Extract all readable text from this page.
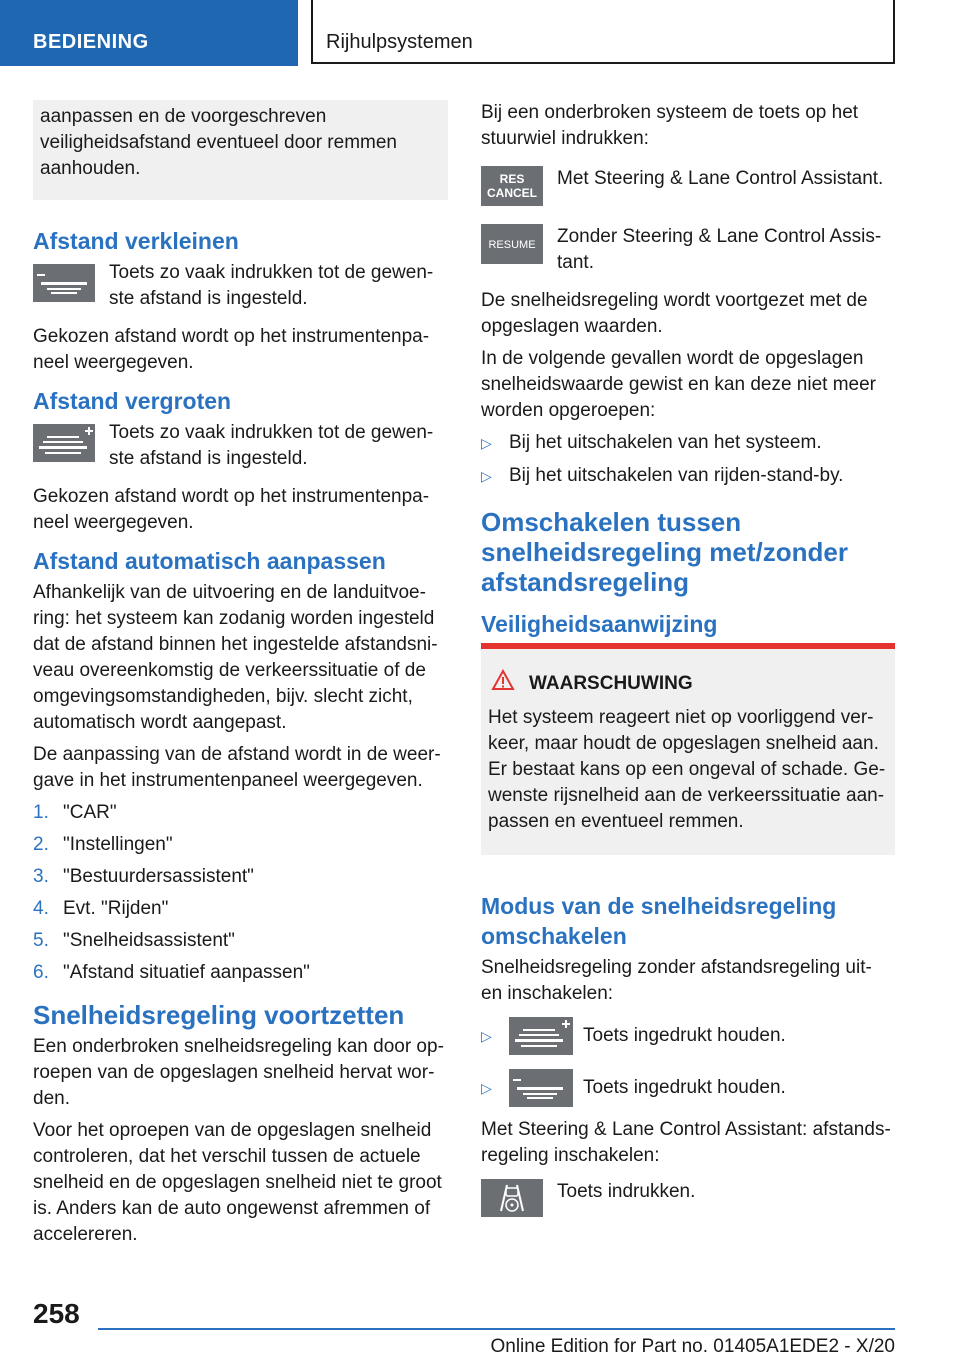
BEDIENING	Rijhulpsystemen

aanpassen en de voorgeschreven veiligheidsafstand eventueel door remmen aanhouden.

Afstand verkleinen
Toets zo vaak indrukken tot de gewenste afstand is ingesteld.

Gekozen afstand wordt op het instrumentenpaneel weergegeven.

Afstand vergroten
Toets zo vaak indrukken tot de gewenste afstand is ingesteld.

Gekozen afstand wordt op het instrumentenpaneel weergegeven.

Afstand automatisch aanpassen

Afhankelijk van de uitvoering en de landuitvoering: het systeem kan zodanig worden ingesteld dat de afstand binnen het ingestelde afstandsniveau overeenkomstig de verkeerssituatie of de omgevingsomstandigheden, bijv. slecht zicht, automatisch wordt aangepast.

De aanpassing van de afstand wordt in de weergave in het instrumentenpaneel weergegeven.

1. "CAR"
2. "Instellingen"
3. "Bestuurdersassistent"
4. Evt. "Rijden"
5. "Snelheidsassistent"
6. "Afstand situatief aanpassen"
Snelheidsregeling voortzetten

Een onderbroken snelheidsregeling kan door oproepen van de opgeslagen snelheid hervat worden.

Voor het oproepen van de opgeslagen snelheid controleren, dat het verschil tussen de actuele snelheid en de opgeslagen snelheid niet te groot is. Anders kan de auto ongewenst afremmen of accelereren.

Bij een onderbroken systeem de toets op het stuurwiel indrukken:

RES
CANCEL
Met Steering & Lane Control Assistant.
RESUME Zonder Steering & Lane Control Assistant.

De snelheidsregeling wordt voortgezet met de opgeslagen waarden.

In de volgende gevallen wordt de opgeslagen snelheidswaarde gewist en kan deze niet meer worden opgeroepen:

▷ Bij het uitschakelen van het systeem.
▷ Bij het uitschakelen van rijden-stand-by.
Omschakelen tussen snelheidsregeling met/zonder afstandsregeling
Veiligheidsaanwijzing
WAARSCHUWING

Het systeem reageert niet op voorliggend verkeer, maar houdt de opgeslagen snelheid aan. Er bestaat kans op een ongeval of schade. Gewenste rijsnelheid aan de verkeerssituatie aanpassen en eventueel remmen.

Modus van de snelheidsregeling omschakelen

Snelheidsregeling zonder afstandsregeling uit- en inschakelen:

▷	Toets ingedrukt houden.
▷	Toets ingedrukt houden.

Met Steering & Lane Control Assistant: afstandsregeling inschakelen:

Toets indrukken.
258
Online Edition for Part no. 01405A1EDE2 - X/20
